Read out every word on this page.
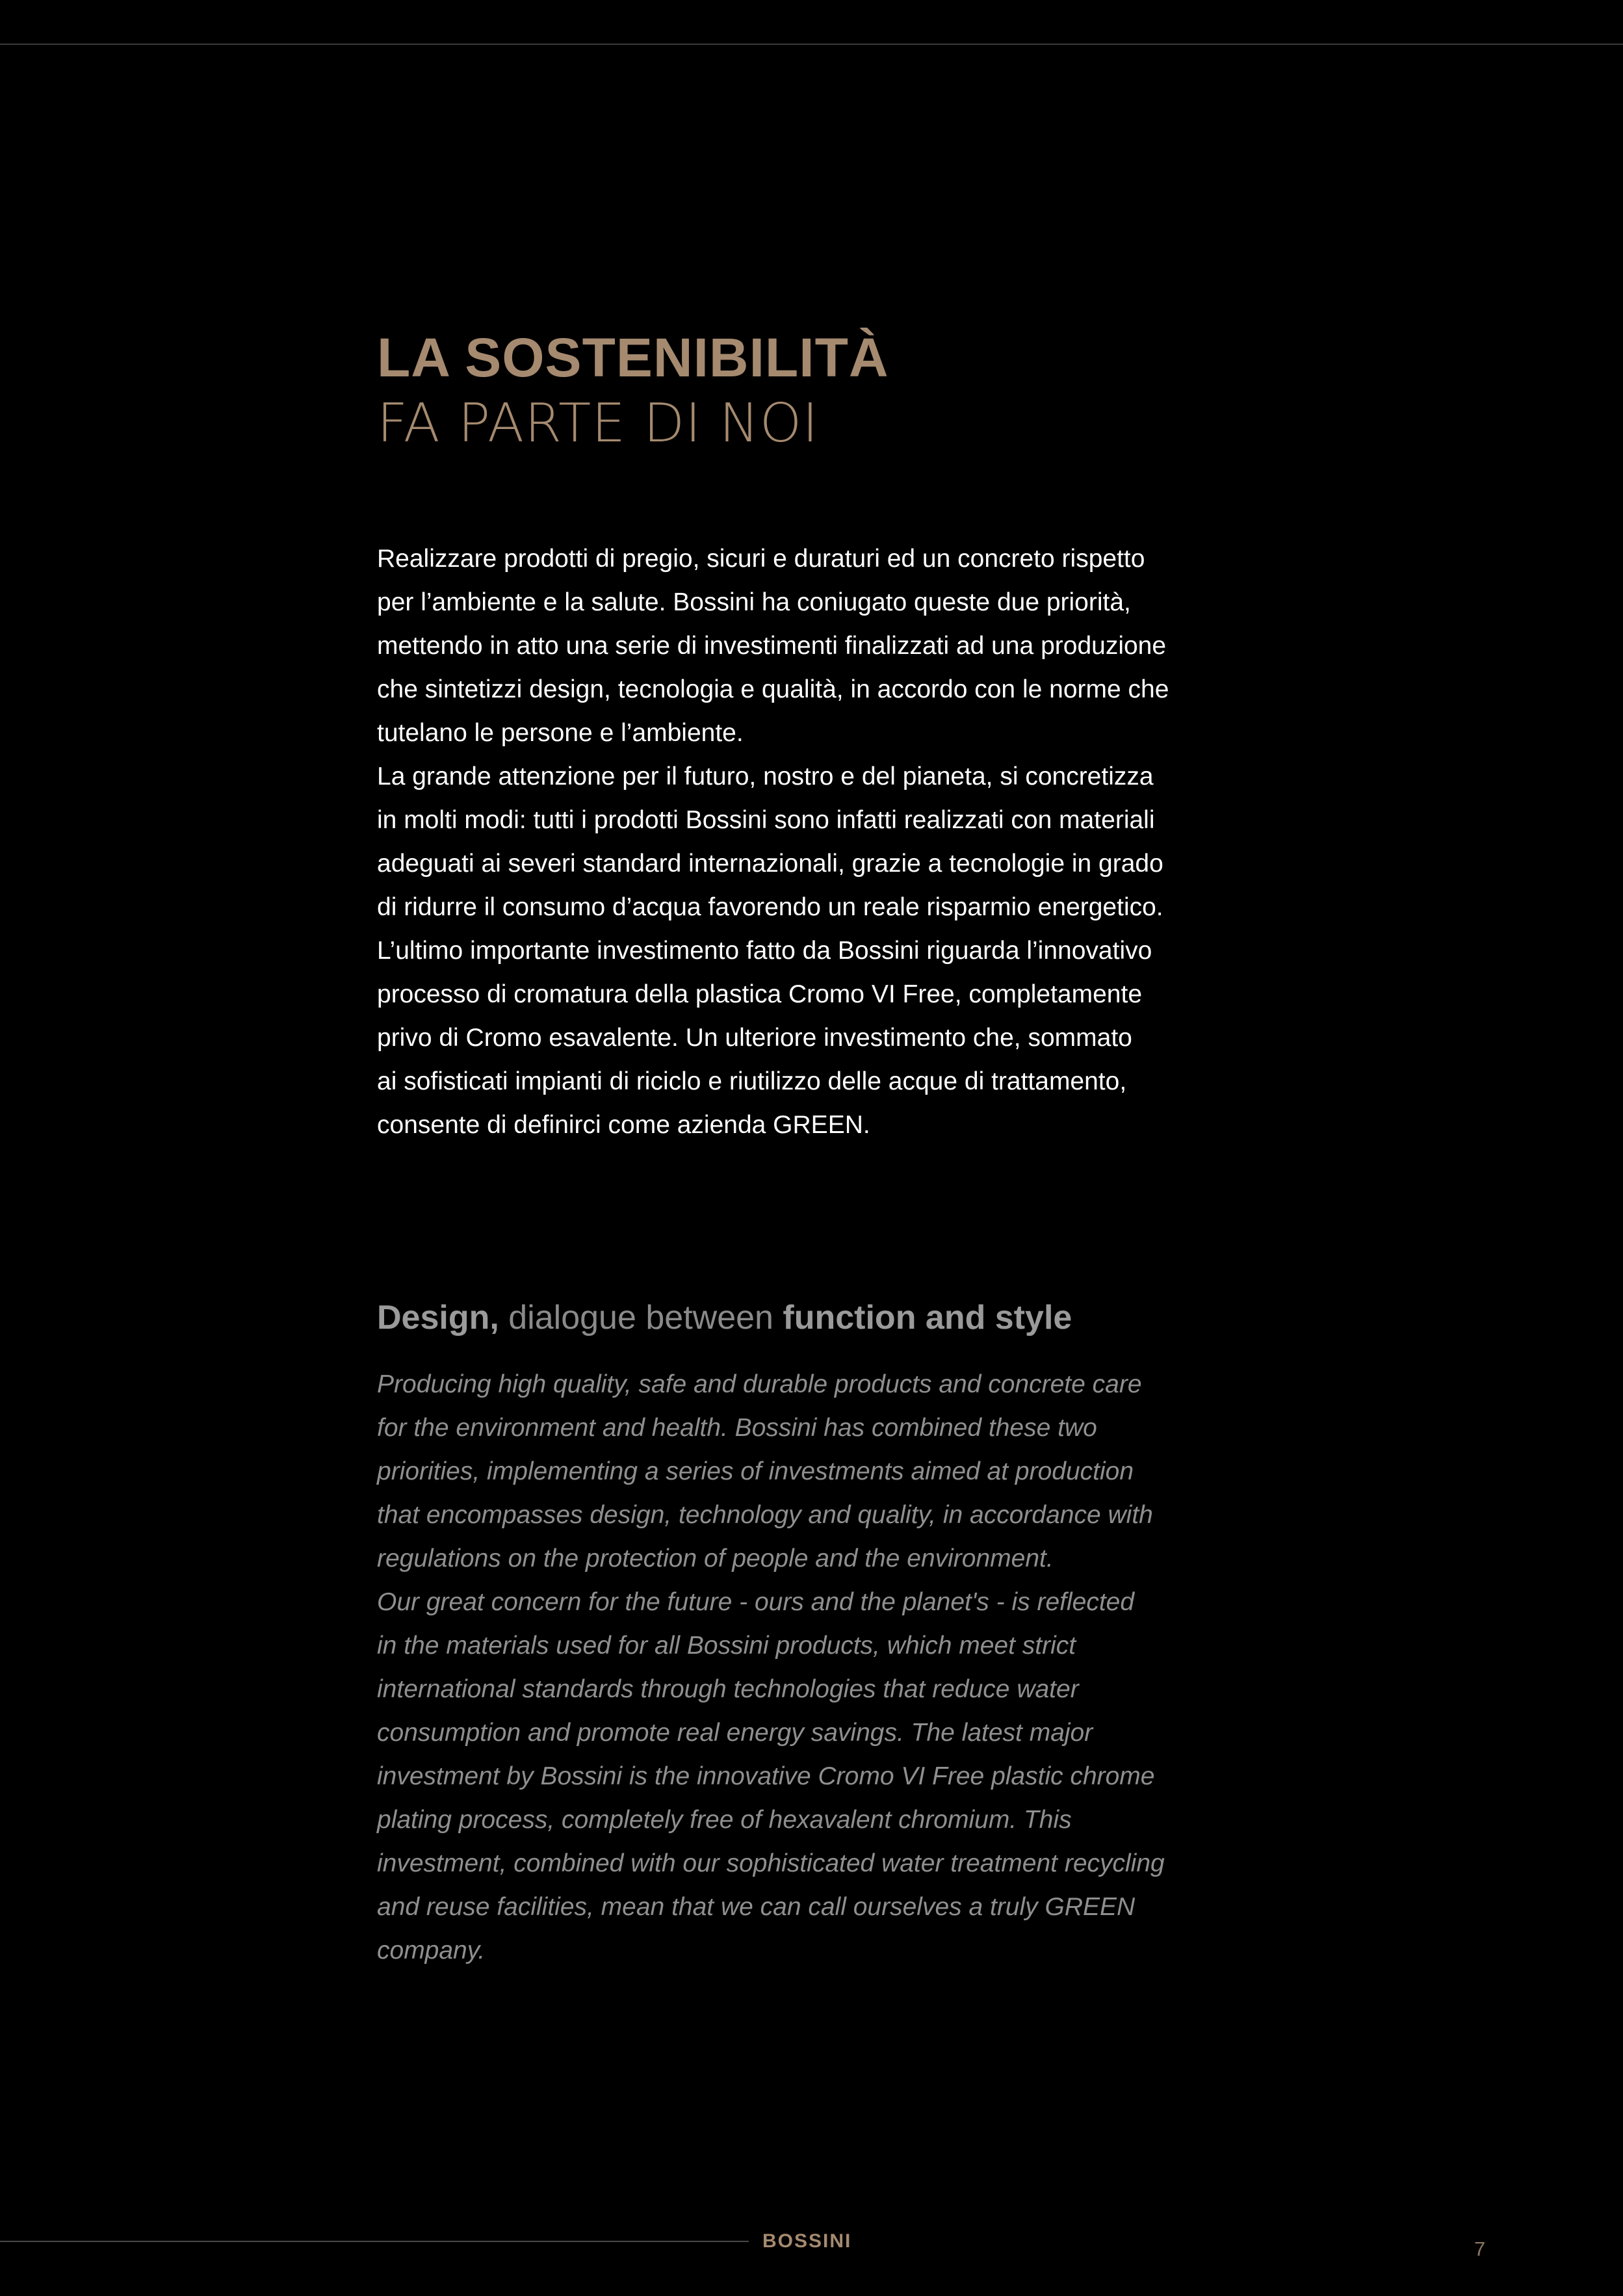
LA SOSTENIBILITÀ
FA PARTE DI NOI

Realizzare prodotti di pregio, sicuri e duraturi ed un concreto rispetto
per l’ambiente e la salute. Bossini ha coniugato queste due priorità,
mettendo in atto una serie di investimenti finalizzati ad una produzione
che sintetizzi design, tecnologia e qualità, in accordo con le norme che
tutelano le persone e l’ambiente.

La grande attenzione per il futuro, nostro e del pianeta, si concretizza
in molti modi: tutti i prodotti Bossini sono infatti realizzati con materiali
adeguati ai severi standard internazionali, grazie a tecnologie in grado
di ridurre il consumo d’acqua favorendo un reale risparmio energetico.
L’ultimo importante investimento fatto da Bossini riguarda l’innovativo
processo di cromatura della plastica Cromo VI Free, completamente
privo di Cromo esavalente. Un ulteriore investimento che, sommato
ai sofisticati impianti di riciclo e riutilizzo delle acque di trattamento,
consente di definirci come azienda GREEN.

Design, dialogue between function and style

Producing high quality, safe and durable products and concrete care
for the environment and health. Bossini has combined these two
priorities, implementing a series of investments aimed at production
that encompasses design, technology and quality, in accordance with
regulations on the protection of people and the environment.

Our great concern for the future - ours and the planet's - is reflected
in the materials used for all Bossini products, which meet strict
international standards through technologies that reduce water
consumption and promote real energy savings. The latest major
investment by Bossini is the innovative Cromo VI Free plastic chrome
plating process, completely free of hexavalent chromium. This
investment, combined with our sophisticated water treatment recycling
and reuse facilities, mean that we can call ourselves a truly GREEN
company.

BOSSINI	7
